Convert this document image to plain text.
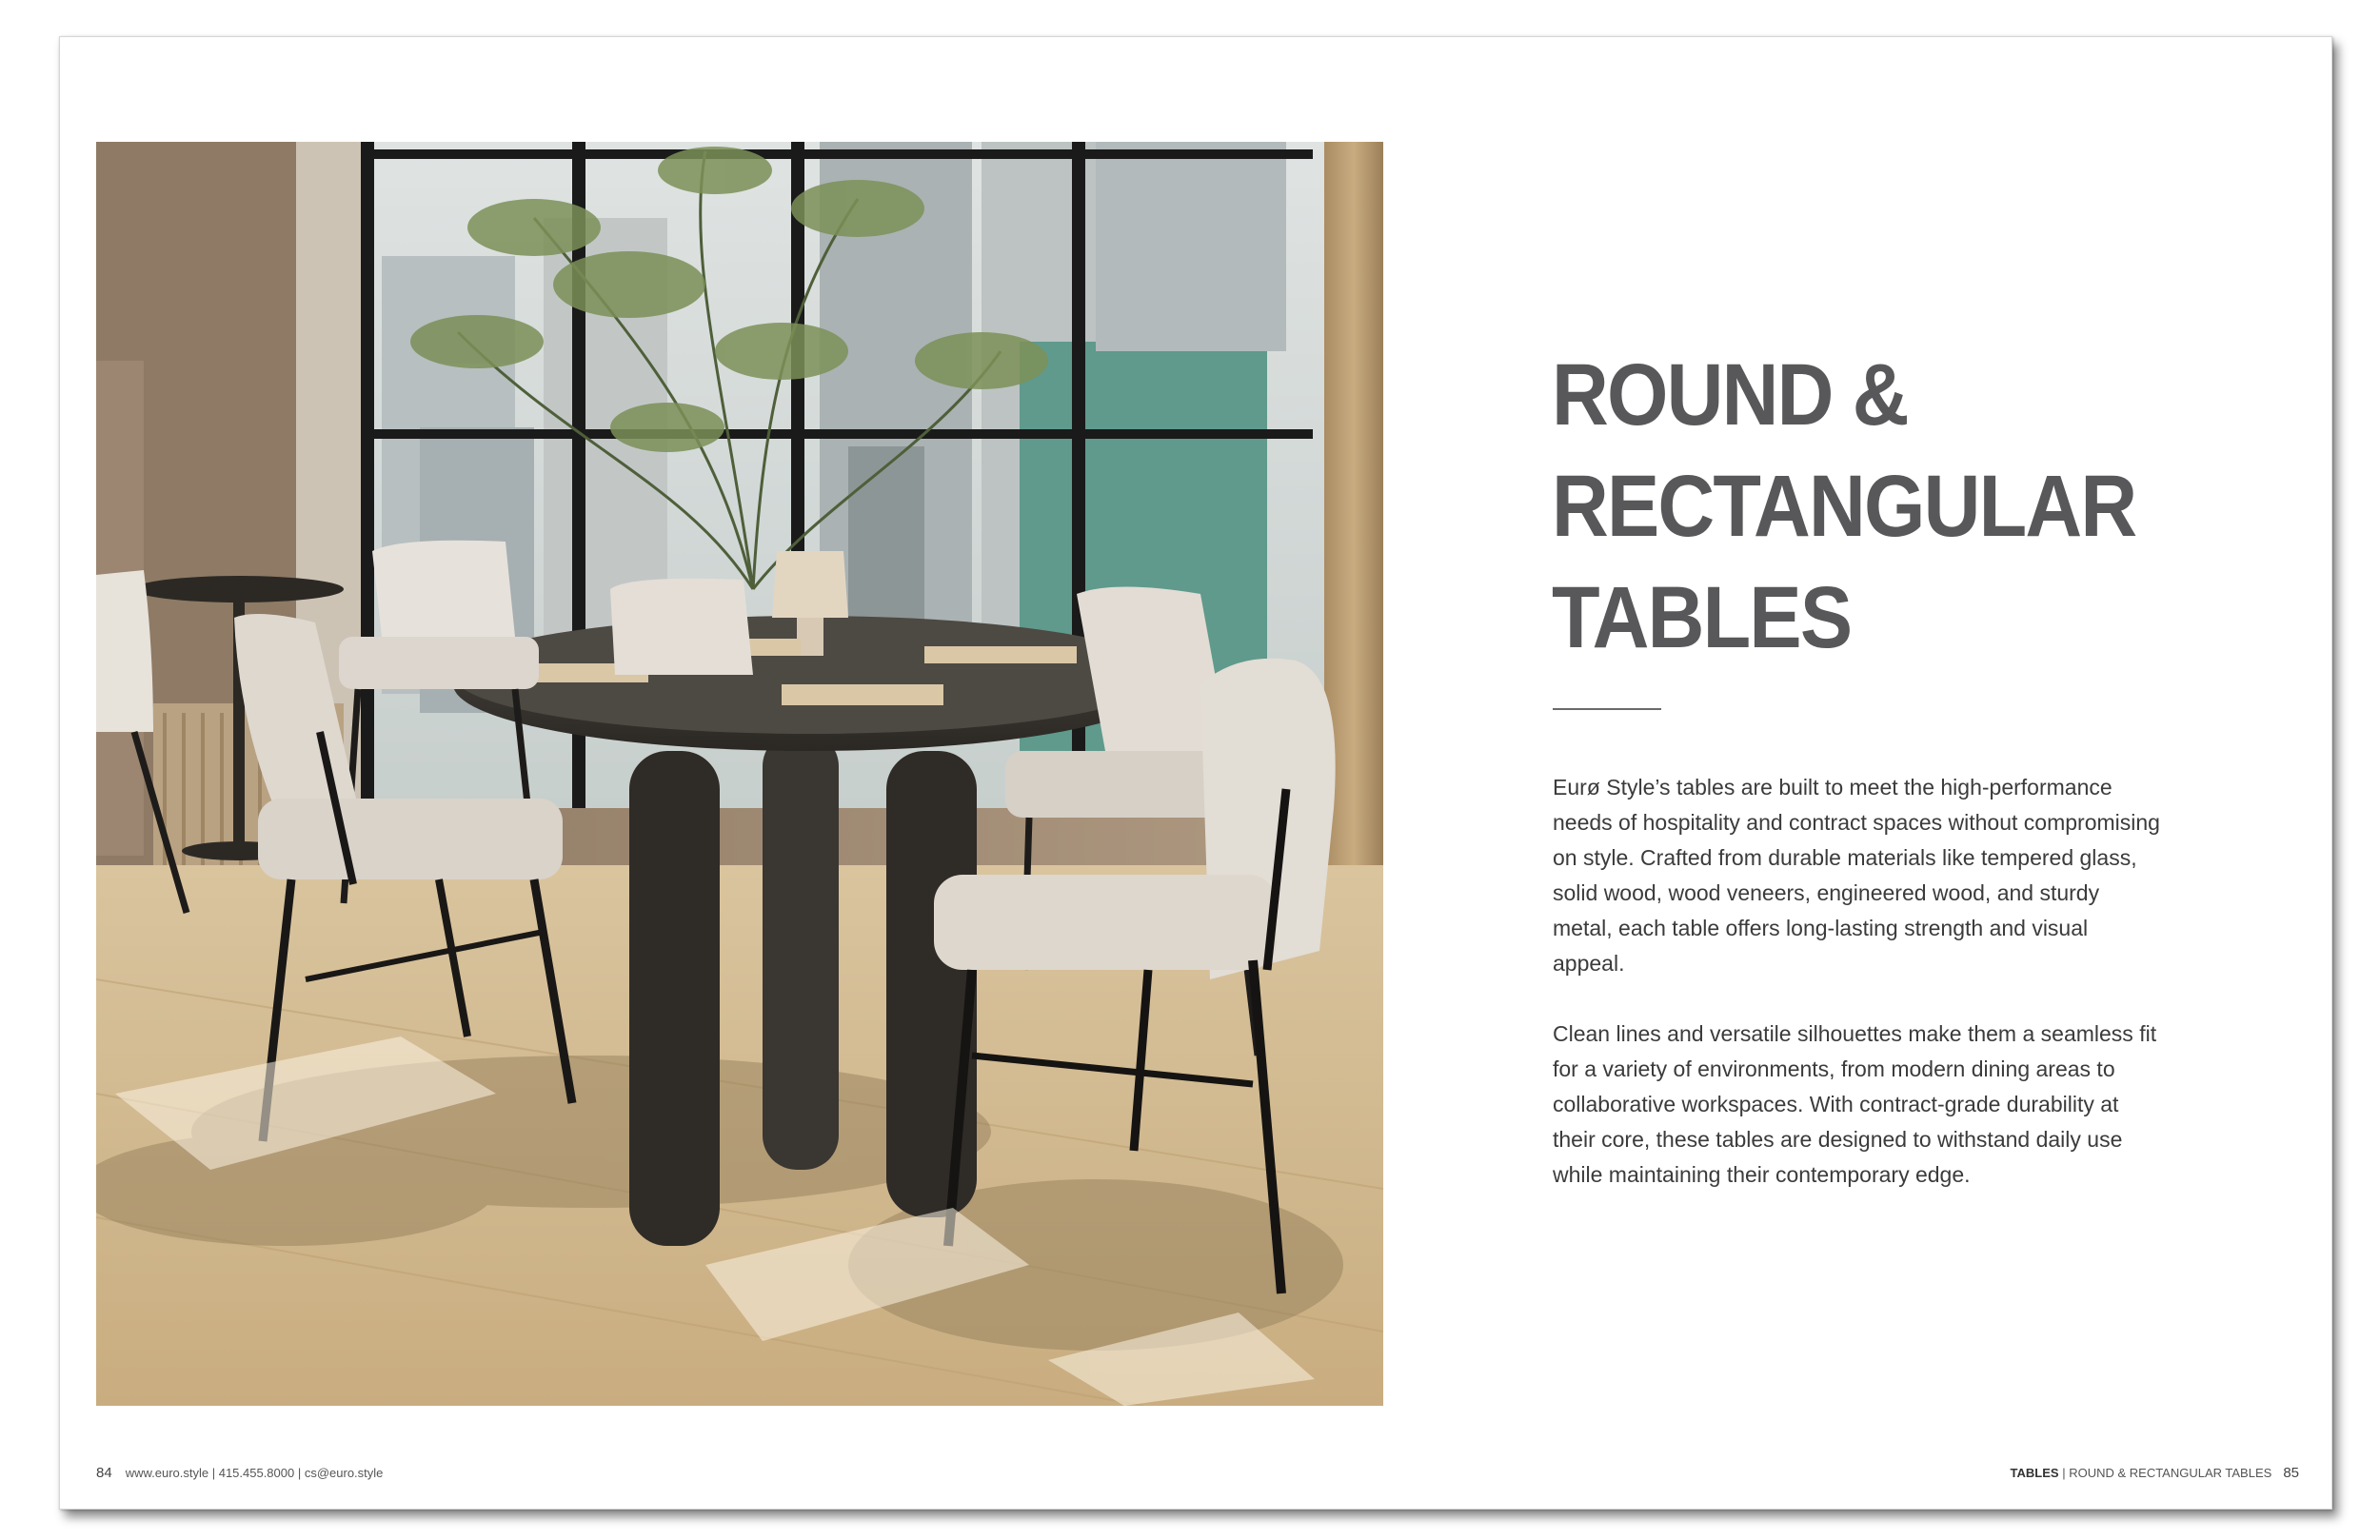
ROUND &
RECTANGULAR
TABLES

Eurø Style’s tables are built to meet the high-performance needs of hospitality and contract spaces without compromising on style. Crafted from durable materials like tempered glass, solid wood, wood veneers, engineered wood, and sturdy metal, each table offers long-lasting strength and visual appeal.

Clean lines and versatile silhouettes make them a seamless fit for a variety of environments, from modern dining areas to collaborative workspaces. With contract-grade durability at their core, these tables are designed to withstand daily use while maintaining their contemporary edge.

84 www.euro.style | 415.455.8000 | cs@euro.style	TABLES | ROUND & RECTANGULAR TABLES 85
